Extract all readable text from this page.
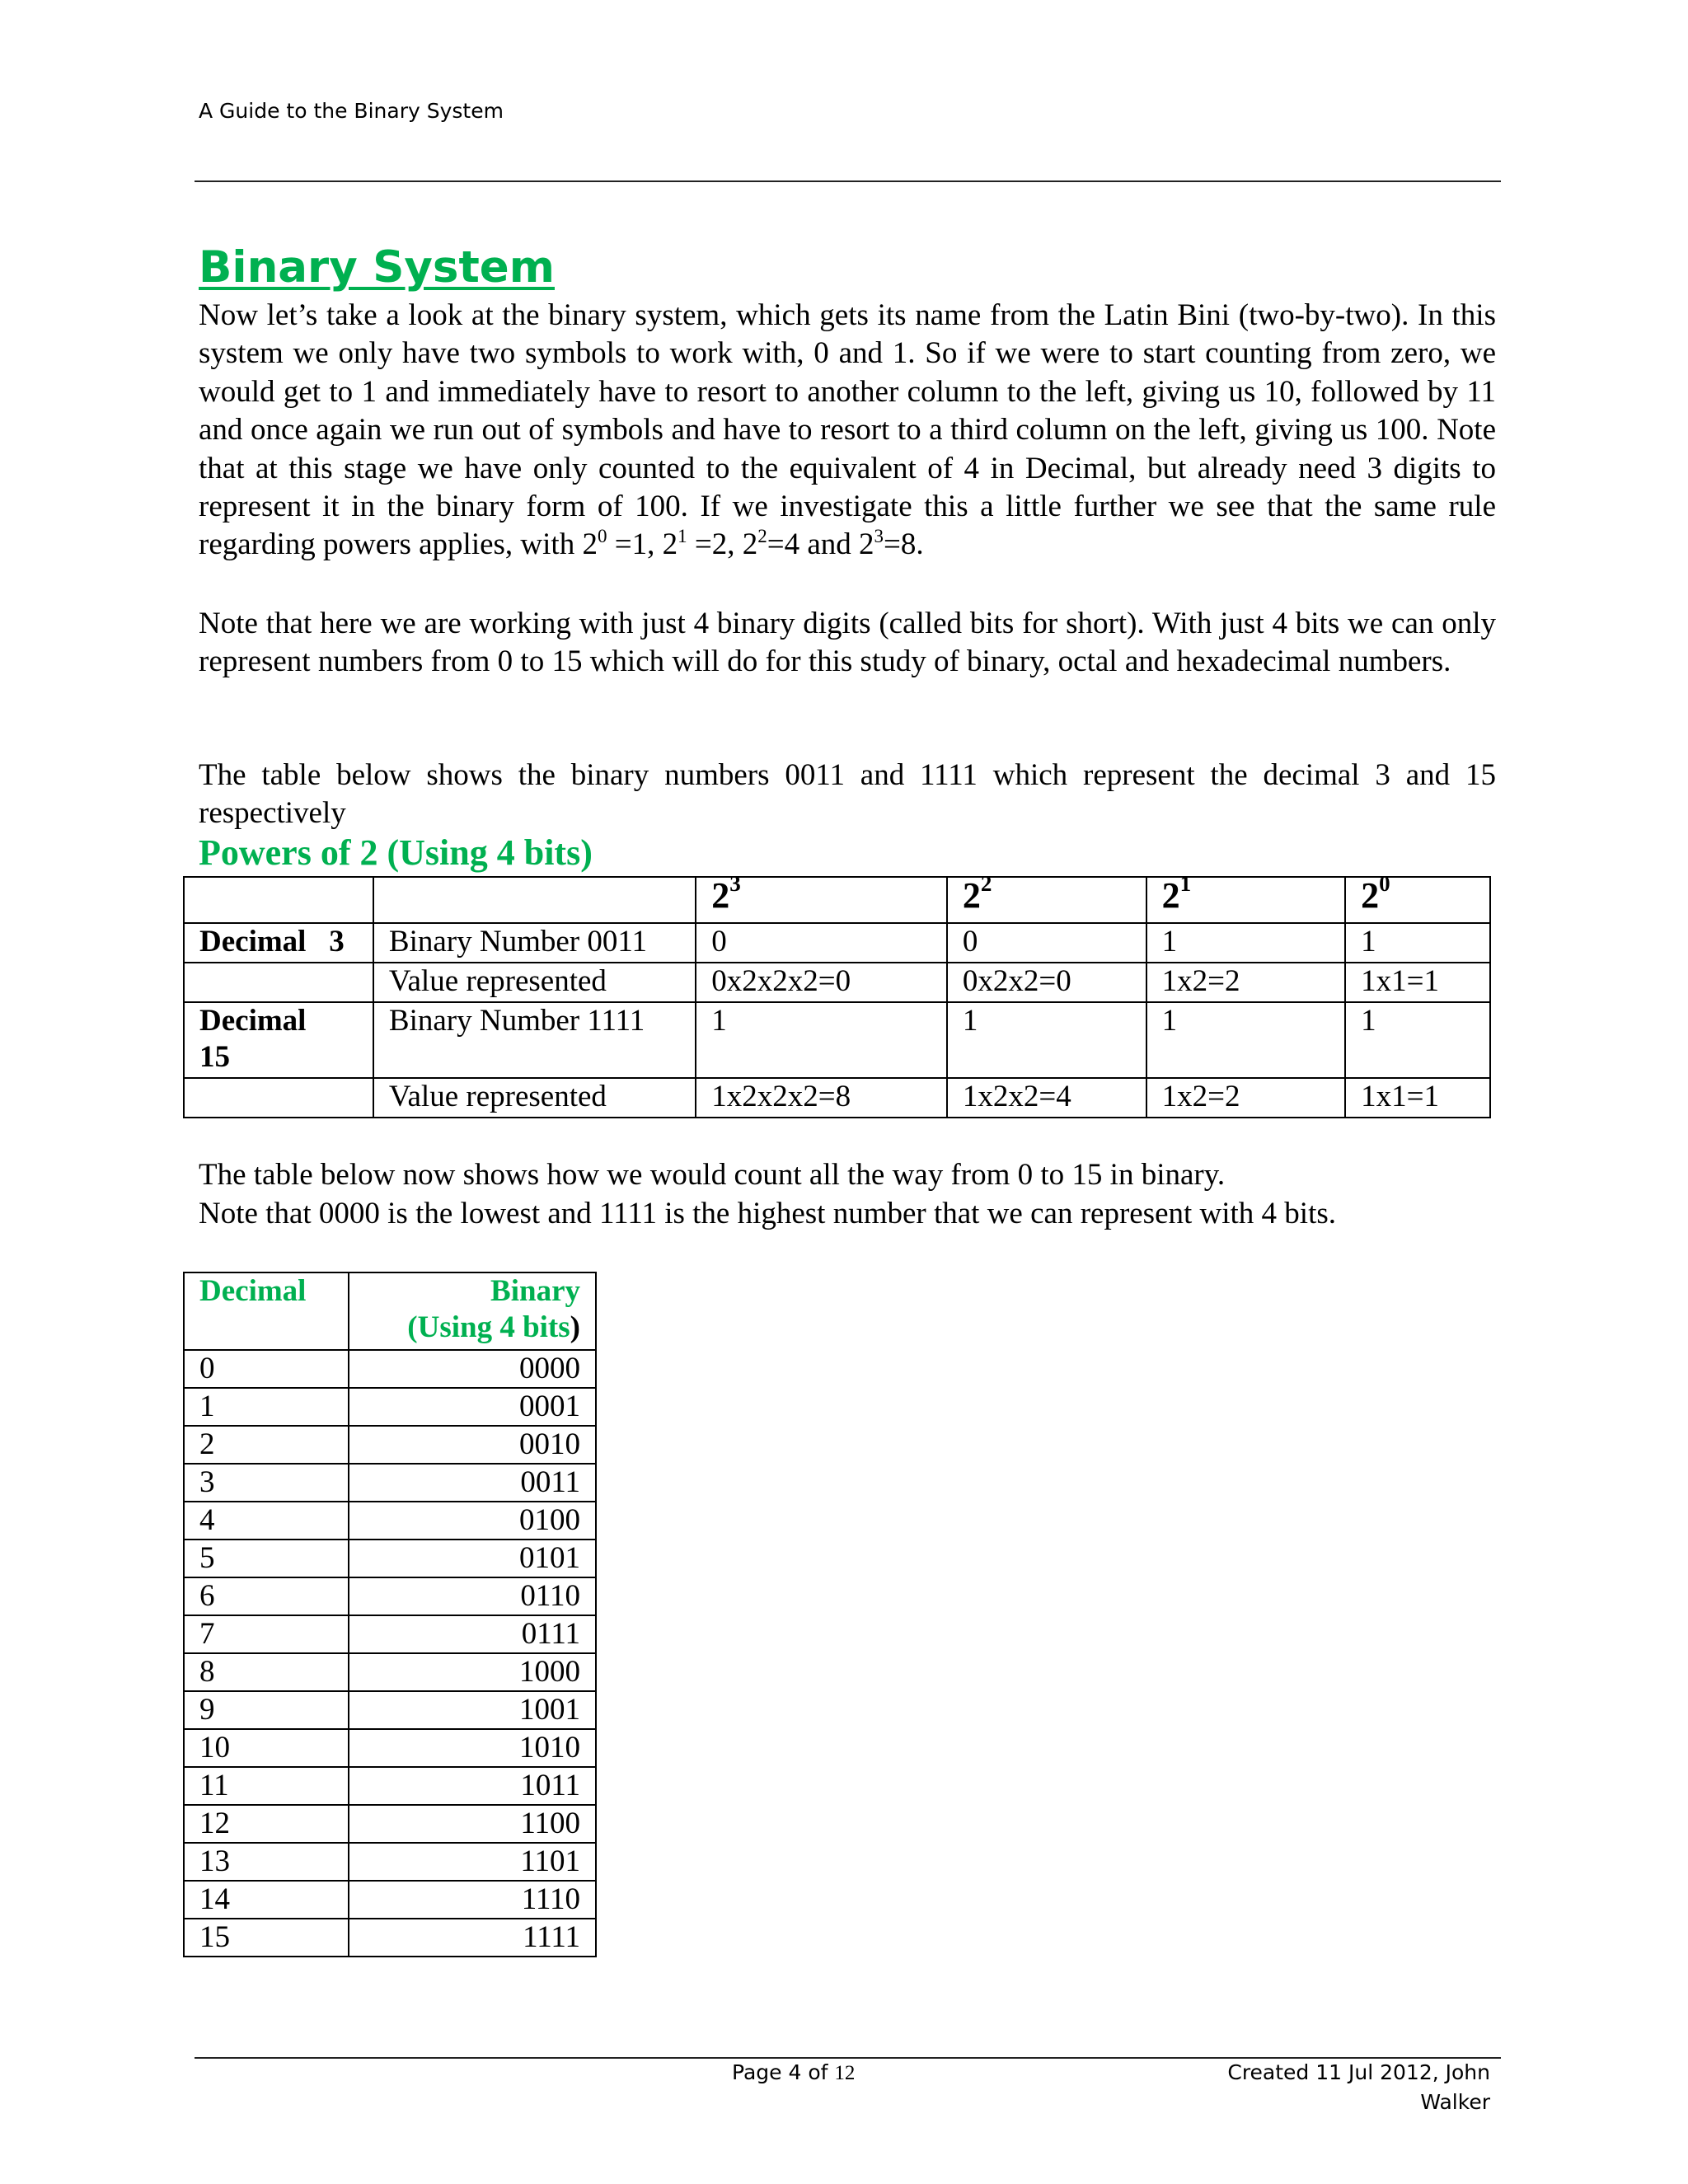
A Guide to the Binary System
Binary System

Now let’s take a look at the binary system, which gets its name from the Latin Bini (two-by-two). In this system we only have two symbols to work with, 0 and 1. So if we were to start counting from zero, we would get to 1 and immediately have to resort to another column to the left, giving us 10, followed by 11 and once again we run out of symbols and have to resort to a third column on the left, giving us 100. Note that at this stage we have only counted to the equivalent of 4 in Decimal, but already need 3 digits to represent it in the binary form of 100. If we investigate this a little further we see that the same rule regarding powers applies, with $2^0 =1$, $2^1 =2$, $2^2=4$ and $2^3=8$.

Note that here we are working with just 4 binary digits (called bits for short). With just 4 bits we can only represent numbers from 0 to 15 which will do for this study of binary, octal and hexadecimal numbers.

The table below shows the binary numbers 0011 and 1111 which represent the decimal 3 and 15 respectively

Powers of 2 (Using 4 bits)
		$2^3$	$2^2$	$2^1$	$2^0$
Decimal   3	Binary Number 0011	0	0	1	1
	Value represented	0x2x2x2=0	0x2x2=0	1x2=2	1x1=1
Decimal 15	Binary Number 1111	1	1	1	1
	Value represented	1x2x2x2=8	1x2x2=4	1x2=2	1x1=1

The table below now shows how we would count all the way from 0 to 15 in binary.

Note that 0000 is the lowest and 1111 is the highest number that we can represent with 4 bits.

Decimal	Binary
(Using 4 bits)
0	0000
1	0001
2	0010
3	0011
4	0100
5	0101
6	0110
7	0111
8	1000
9	1001
10	1010
11	1011
12	1100
13	1101
14	1110
15	1111
Page 4 of 12	Created 11 Jul 2012, John Walker
